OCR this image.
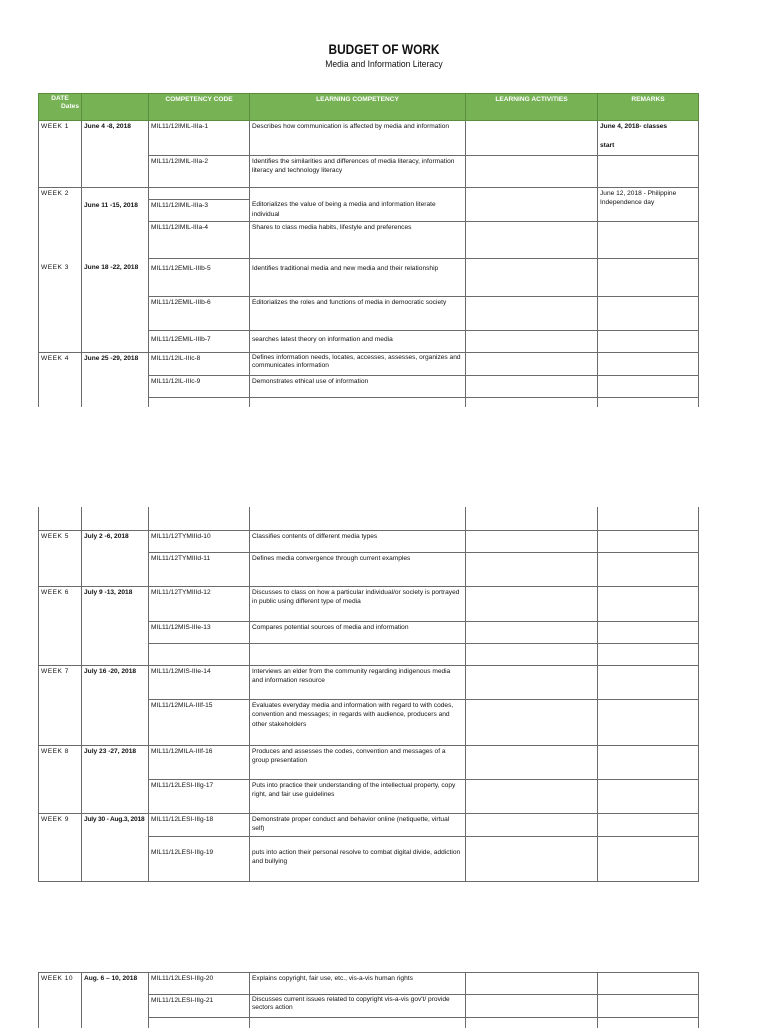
BUDGET OF WORK
Media and Information Literacy
DATE

Week No.
Dates		COMPETENCY CODE	LEARNING COMPETENCY	LEARNING ACTIVITIES	REMARKS
WEEK 1	June 4 -8, 2018	MIL11/12IMIL-IIIa-1	Describes how communication is affected by media and information		June 4, 2018- classes

start
		MIL11/12IMIL-IIIa-2	Identifies the similarities and differences of media literacy, information literacy and technology literacy		
WEEK 2	June 11 -15, 2018				June 12, 2018 - Philippine Independence day
		MIL11/12IMIL-IIIa-3	Editorializes the value of being a media and information literate individual		
		MIL11/12IMIL-IIIa-4	Shares to class media habits, lifestyle and preferences		
WEEK 3	June 18 -22, 2018	MIL11/12EMIL-IIIb-5	Identifies traditional media and new media and their relationship		
		MIL11/12EMIL-IIIb-6	Editorializes the roles and functions of media in democratic society		
		MIL11/12EMIL-IIIb-7	searches latest theory on information and media		
WEEK 4	June 25 -29, 2018	MIL11/12IL-IIIc-8	Defines information needs, locates, accesses, assesses, organizes and communicates information		
		MIL11/12IL-IIIc-9	Demonstrates ethical use of information		

WEEK 5	July 2 -6, 2018	MIL11/12TYMIIId-10	Classifies contents of different media types		
		MIL11/12TYMIIId-11	Defines media convergence through current examples		
WEEK 6	July 9 -13, 2018	MIL11/12TYMIIId-12	Discusses to class on how a particular individual/or society is portrayed in public using different type of media		
		MIL11/12MIS-IIIe-13	Compares potential sources of media and information		

WEEK 7	July 16 -20, 2018	MIL11/12MIS-IIIe-14	Interviews an elder from the community regarding indigenous media and information resource		
		MIL11/12MILA-IIIf-15	Evaluates everyday media and information with regard to with codes, convention and messages; in regards with audience, producers and other stakeholders		
WEEK 8	July 23 -27, 2018	MIL11/12MILA-IIIf-16	Produces and assesses the codes, convention and messages of a group presentation		
		MIL11/12LESI-IIIg-17	Puts into practice their understanding of the intellectual property, copy right, and fair use guidelines		
WEEK 9	July 30 - Aug.3, 2018	MIL11/12LESI-IIIg-18	Demonstrate proper conduct and behavior online (netiquette, virtual self)		
		MIL11/12LESI-IIIg-19	puts into action their personal resolve to combat digital divide, addiction and bullying		
WEEK 10	Aug. 6 – 10, 2018	MIL11/12LESI-IIIg-20	Explains copyright, fair use, etc., vis-a-vis human rights		
		MIL11/12LESI-IIIg-21	Discusses current issues related to copyright vis-a-vis gov't/ provide sectors action		
